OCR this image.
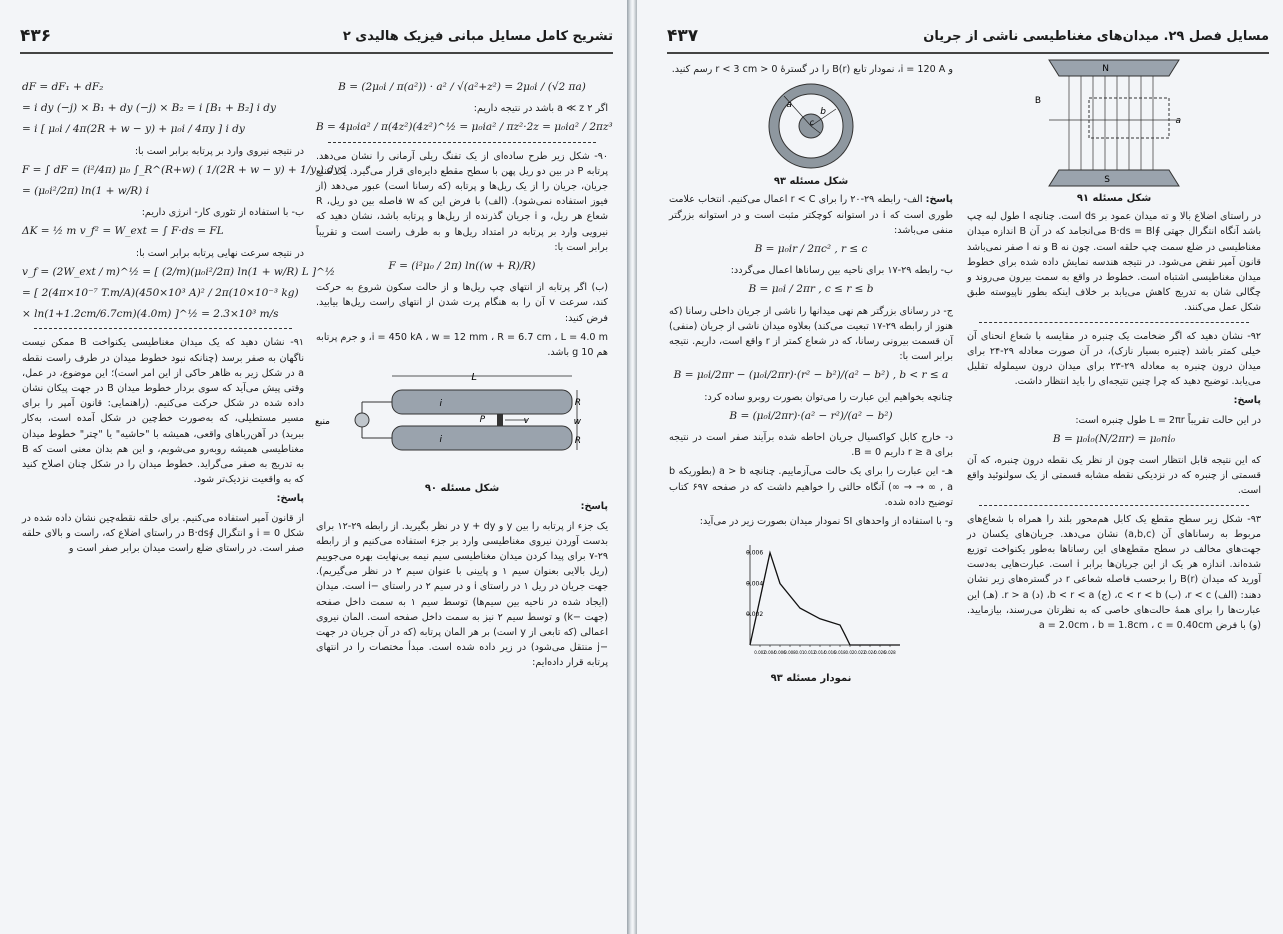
۴۳۶	تشریح کامل مسایل مبانی فیزیک هالیدی ۲
B = (2μ₀i / π(a²)) · a² / √(a²+z²) = 2μ₀i / (√2 πa)

اگر a ≪ z ۲ باشد در نتیجه داریم:

B = 4μ₀ia² / π(4z²)(4z²)^½ = μ₀ia² / πz²·2z = μ₀ia² / 2πz³

۹۰- شکل زیر طرح ساده‌ای از یک تفنگ ریلی آرمانی را نشان می‌دهد. پرتابه P در بین دو ریل پهن با سطح مقطع دایره‌ای قرار می‌گیرد. یک منبع جریان، جریان را از یک ریل‌ها و پرتابه (که رسانا است) عبور می‌دهد (از فیوز استفاده نمی‌شود). (الف) با فرض این که w فاصله بین دو ریل، R شعاع هر ریل، و i جریان گذرنده از ریل‌ها و پرتابه باشد، نشان دهید که نیرویی وارد بر پرتابه در امتداد ریل‌ها و به طرف راست است و تقریباً برابر است با:

F = (i²μ₀ / 2π) ln((w + R)/R)

(ب) اگر پرتابه از انتهای چپ ریل‌ها و از حالت سکون شروع به حرکت کند، سرعت v آن را به هنگام پرت شدن از انتهای راست ریل‌ها بیابید. فرض کنید:

i = 450 kA ، w = 12 mm ، R = 6.7 cm ، L = 4.0 m، و جرم پرتابه هم 10 g باشد.

L
R
w
R
P	v
i
i
منبع
شکل مسئله ۹۰

پاسخ:

یک جزء از پرتابه را بین y و y + dy در نظر بگیرید. از رابطه ۲۹-۱۲ برای بدست آوردن نیروی مغناطیسی وارد بر جزء استفاده می‌کنیم و از رابطه ۲۹-۷ برای پیدا کردن میدان مغناطیسی سیم نیمه بی‌نهایت بهره می‌جوییم (ریل بالایی بعنوان سیم ۱ و پایینی با عنوان سیم ۲ در نظر می‌گیریم). جهت جریان در ریل ۱ در راستای i و در سیم ۲ در راستای −i است. میدان (ایجاد شده در ناحیه بین سیم‌ها) توسط سیم ۱ به سمت داخل صفحه (جهت −k) و توسط سیم ۲ نیز به سمت داخل صفحه است. المان نیروی اعمالی (که تابعی از y است) بر هر المان پرتابه (که در آن جریان در جهت −j منتقل می‌شود) در زیر داده شده است. مبدأ مختصات را در انتهای پرتابه قرار داده‌ایم:

dF = dF₁ + dF₂
= i dy (−j) × B₁ + dy (−j) × B₂ = i [B₁ + B₂] i dy
= i [ μ₀i / 4π(2R + w − y) + μ₀i / 4πy ] i dy

در نتیجه نیروی وارد بر پرتابه برابر است با:

F = ∫ dF = (i²/4π) μ₀ ∫_R^(R+w) ( 1/(2R + w − y) + 1/y ) dy i
= (μ₀i²/2π) ln(1 + w/R) i

ب- با استفاده از تئوری کار- انرژی داریم:

ΔK = ½ m v_f² = W_ext = ∫ F·ds = FL

در نتیجه سرعت نهایی پرتابه برابر است با:

v_f = (2W_ext / m)^½ = [ (2/m)(μ₀i²/2π) ln(1 + w/R) L ]^½
= [ 2(4π×10⁻⁷ T.m/A)(450×10³ A)² / 2π(10×10⁻³ kg)
× ln(1+1.2cm/6.7cm)(4.0m) ]^½ = 2.3×10³ m/s

۹۱- نشان دهید که یک میدان مغناطیسی یکنواخت B ممکن نیست ناگهان به صفر برسد (چنانکه نبود خطوط میدان در طرف راست نقطه a در شکل زیر به ظاهر حاکی از این امر است)؛ این موضوع، در عمل، وقتی پیش می‌آید که سوی بردار خطوط میدان B در جهت پیکان نشان داده شده در شکل حرکت می‌کنیم. (راهنمایی: قانون آمپر را برای مسیر مستطیلی، که به‌صورت خط‌چین در شکل آمده است، به‌کار ببرید) در آهن‌رباهای واقعی، همیشه با "حاشیه" یا "چتر" خطوط میدان مغناطیسی همیشه روبه‌رو می‌شویم، و این هم بدان معنی است که B به تدریج به صفر می‌گراید. خطوط میدان را در شکل چنان اصلاح کنید که به واقعیت نزدیک‌تر شود.

پاسخ:

از قانون آمپر استفاده می‌کنیم. برای حلقه نقطه‌چین نشان داده شده در شکل i = 0 و انتگرال ∮B·ds در راستای اضلاع که، راست و بالای حلقه صفر است. در راستای ضلع راست میدان برابر صفر است و

۴۳۷	مسایل فصل ۲۹. میدان‌های مغناطیسی ناشی از جریان
N
S
B
a
شکل مسئله ۹۱

در راستای اضلاع بالا و ته میدان عمود بر ds است. چنانچه l طول لبه چپ باشد آنگاه انتگرال جهتی ∮B·ds = Bl می‌انجامد که در آن B اندازه میدان مغناطیسی در ضلع سمت چپ حلقه است. چون نه B و نه l صفر نمی‌باشد قانون آمپر نقض می‌شود. در نتیجه هندسه نمایش داده شده برای خطوط میدان مغناطیسی اشتباه است. خطوط در واقع به سمت بیرون می‌روند و چگالی شان به تدریج کاهش می‌یابد بر خلاف اینکه بطور ناپیوسته طبق شکل عمل می‌کنند.

۹۲- نشان دهید که اگر ضخامت یک چنبره در مقایسه با شعاع انحنای آن خیلی کمتر باشد (چنبره بسیار نازک)، در آن صورت معادله ۲۹-۲۴ برای میدان درون چنبره به معادله ۲۹-۲۳ برای میدان درون سیملوله تقلیل می‌یابد. توضیح دهید که چرا چنین نتیجه‌ای را باید انتظار داشت.

پاسخ:

در این حالت تقریباً L = 2πr طول چنبره است:

B = μ₀i₀(N/2πr) = μ₀ni₀

که این نتیجه قابل انتظار است چون از نظر یک نقطه درون چنبره، که آن قسمتی از چنبره که در نزدیکی نقطه مشابه قسمتی از یک سولنوئید واقع است.

۹۳- شکل زیر سطح مقطع یک کابل هم‌محور بلند را همراه با شعاع‌های مربوط به رساناهای آن (a,b,c) نشان می‌دهد. جریان‌های یکسان در جهت‌های مخالف در سطح مقطع‌های این رساناها به‌طور یکنواخت توزیع شده‌اند. اندازه هر یک از این جریان‌ها برابر i است. عبارت‌هایی به‌دست آورید که میدان B(r) را برحسب فاصله شعاعی r در گستره‌های زیر نشان دهند: (الف) r < c، (ب) c < r < b، (ج) b < r < a، (د) r > a. (هـ) این عبارت‌ها را برای همهٔ حالت‌های خاصی که به نظرتان می‌رسند، بیازمایید. (و) با فرض a = 2.0cm ، b = 1.8cm ، c = 0.40cm

و i = 120 A، نمودار تابع B(r) را در گسترهٔ 0 < r < 3 cm رسم کنید.

a
b
c
شکل مسئله ۹۳

پاسخ: الف- رابطه ۲۹-۲۰ را برای r < C اعمال می‌کنیم. انتخاب علامت طوری است که i در استوانه کوچکتر مثبت است و در استوانه بزرگتر منفی می‌باشد:

B = μ₀ir / 2πc² , r ≤ c

ب- رابطه ۲۹-۱۷ برای ناحیه بین رساناها اعمال می‌گردد:

B = μ₀i / 2πr , c ≤ r ≤ b

ج- در رسانای بزرگتر هم نهی میدانها را ناشی از جریان داخلی رسانا (که هنوز از رابطه ۲۹-۱۷ تبعیت می‌کند) بعلاوه میدان ناشی از جریان (منفی) آن قسمت بیرونی رسانا، که در شعاع کمتر از r واقع است، داریم. نتیجه برابر است با:

B = μ₀i/2πr − (μ₀i/2πr)·(r² − b²)/(a² − b²) , b < r ≤ a

چنانچه بخواهیم این عبارت را می‌توان بصورت روبرو ساده کرد:

B = (μ₀i/2πr)·(a² − r²)/(a² − b²)

د- خارج کابل کواکسیال جریان احاطه شده برآیند صفر است در نتیجه برای r ≥ a داریم B = 0.

هـ- این عبارت را برای یک حالت می‌آزماییم. چنانچه a > b (بطوریکه b → ∞ , a → ∞) آنگاه حالتی را خواهیم داشت که در صفحه ۶۹۷ کتاب توضیح داده شده.

و- با استفاده از واحدهای SI نمودار میدان بصورت زیر در می‌آید:

0.006
0.004
0.002
0.002
0.004
0.006
0.008 0.01 0.012
0.014
0.016
0.018 0.02 0.022
0.024
0.026
0.028
نمودار مسئله ۹۳
